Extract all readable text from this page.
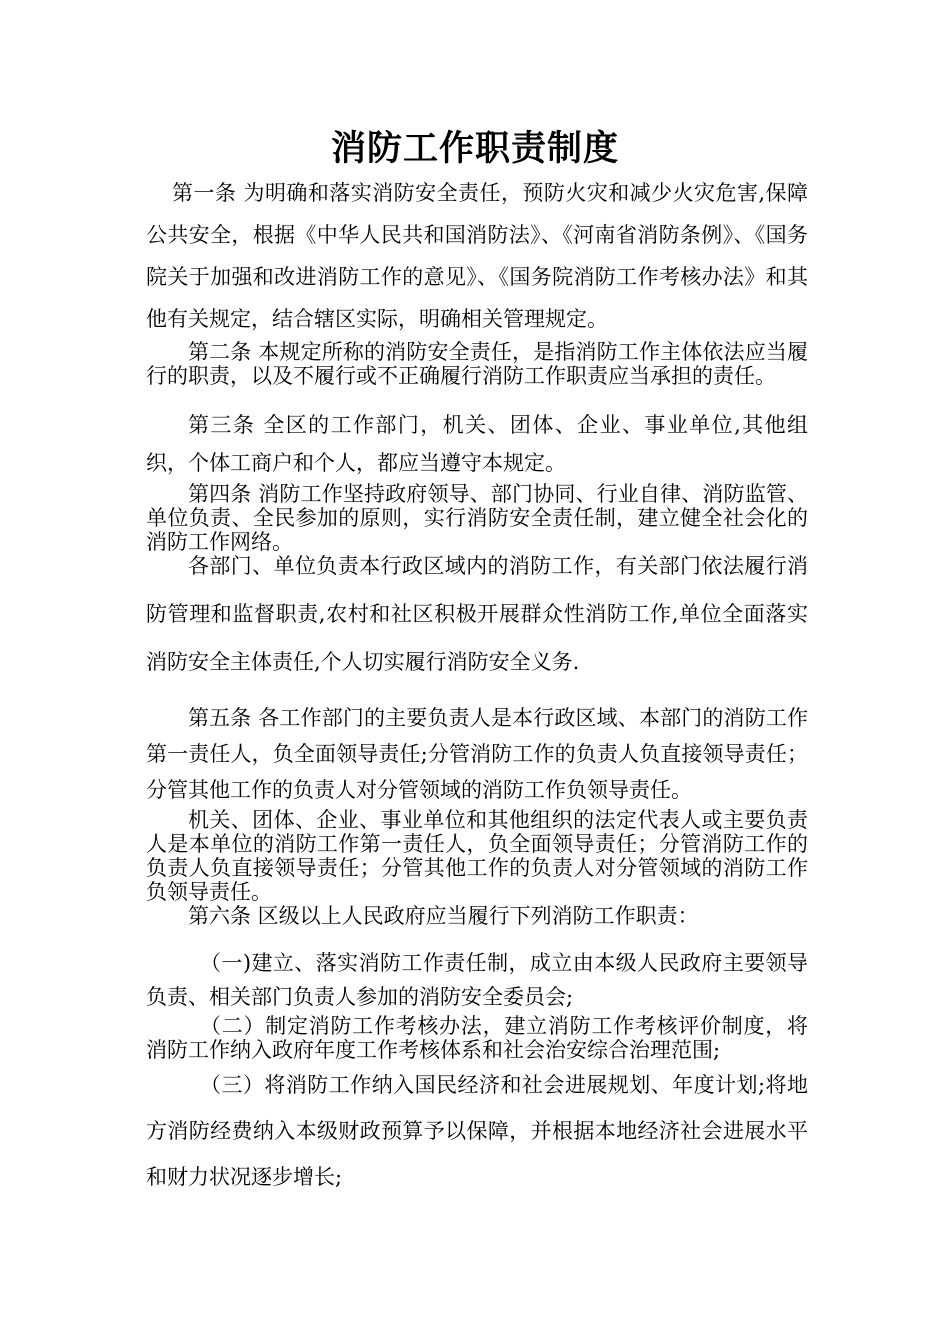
消防工作职责制度

第一条 为明确和落实消防安全责任，预防火灾和减少火灾危害,保障公共安全，根据《中华人民共和国消防法》、《河南省消防条例》、《国务院关于加强和改进消防工作的意见》、《国务院消防工作考核办法》和其他有关规定，结合辖区实际，明确相关管理规定。

第二条 本规定所称的消防安全责任，是指消防工作主体依法应当履行的职责，以及不履行或不正确履行消防工作职责应当承担的责任。

第三条 全区的工作部门，机关、团体、企业、事业单位,其他组织，个体工商户和个人，都应当遵守本规定。

第四条 消防工作坚持政府领导、部门协同、行业自律、消防监管、单位负责、全民参加的原则，实行消防安全责任制，建立健全社会化的消防工作网络。

各部门、单位负责本行政区域内的消防工作，有关部门依法履行消防管理和监督职责,农村和社区积极开展群众性消防工作,单位全面落实消防安全主体责任,个人切实履行消防安全义务.

第五条 各工作部门的主要负责人是本行政区域、本部门的消防工作第一责任人，负全面领导责任;分管消防工作的负责人负直接领导责任；分管其他工作的负责人对分管领域的消防工作负领导责任。

机关、团体、企业、事业单位和其他组织的法定代表人或主要负责人是本单位的消防工作第一责任人，负全面领导责任；分管消防工作的负责人负直接领导责任；分管其他工作的负责人对分管领域的消防工作负领导责任。

第六条 区级以上人民政府应当履行下列消防工作职责：

（一)建立、落实消防工作责任制，成立由本级人民政府主要领导负责、相关部门负责人参加的消防安全委员会;

（二）制定消防工作考核办法，建立消防工作考核评价制度，将消防工作纳入政府年度工作考核体系和社会治安综合治理范围;

（三）将消防工作纳入国民经济和社会进展规划、年度计划;将地方消防经费纳入本级财政预算予以保障，并根据本地经济社会进展水平和财力状况逐步增长;
